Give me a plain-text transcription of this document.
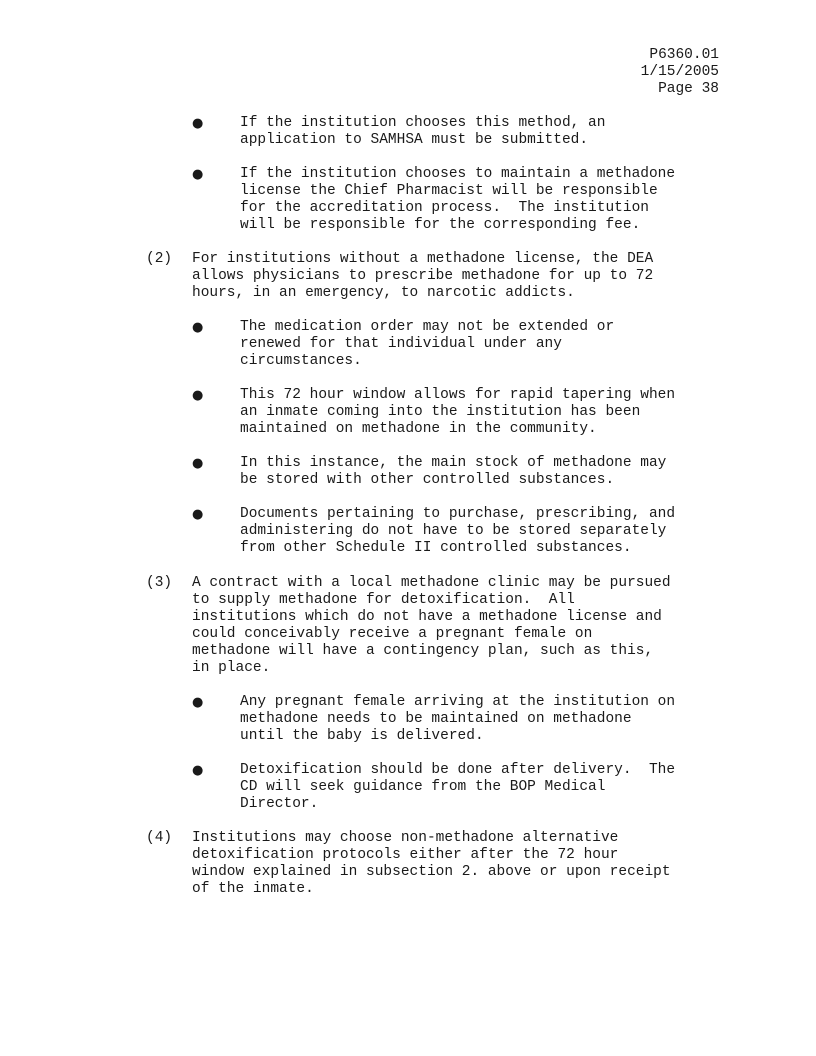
P6360.01
1/15/2005
Page 38
●	If the institution chooses this method, an
application to SAMHSA must be submitted.
●	If the institution chooses to maintain a methadone
license the Chief Pharmacist will be responsible
for the accreditation process.  The institution
will be responsible for the corresponding fee.
(2) For institutions without a methadone license, the DEA
allows physicians to prescribe methadone for up to 72
hours, in an emergency, to narcotic addicts.
●	The medication order may not be extended or
renewed for that individual under any
circumstances.
●	This 72 hour window allows for rapid tapering when
an inmate coming into the institution has been
maintained on methadone in the community.
●	In this instance, the main stock of methadone may
be stored with other controlled substances.
●	Documents pertaining to purchase, prescribing, and
administering do not have to be stored separately
from other Schedule II controlled substances.
(3) A contract with a local methadone clinic may be pursued
to supply methadone for detoxification.  All
institutions which do not have a methadone license and
could conceivably receive a pregnant female on
methadone will have a contingency plan, such as this,
in place.
●	Any pregnant female arriving at the institution on
methadone needs to be maintained on methadone
until the baby is delivered.
●	Detoxification should be done after delivery.  The
CD will seek guidance from the BOP Medical
Director.
(4) Institutions may choose non-methadone alternative
detoxification protocols either after the 72 hour
window explained in subsection 2. above or upon receipt
of the inmate.
